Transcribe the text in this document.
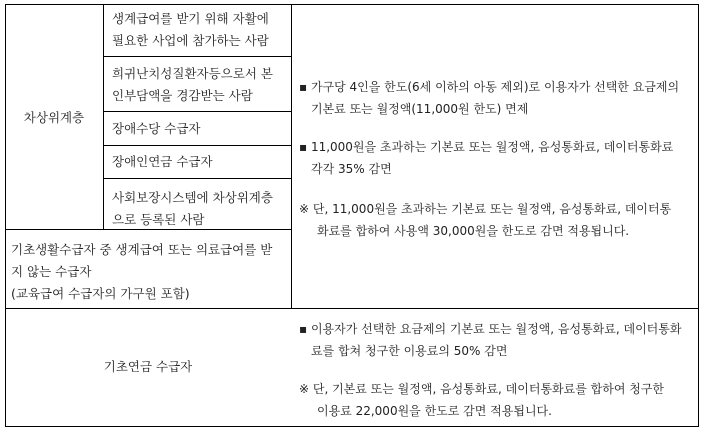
차상위계층
생계급여를 받기 위해 자활에
필요한 사업에 참가하는 사람
희귀난치성질환자등으로서 본
인부담액을 경감받는 사람
장애수당 수급자
장애인연금 수급자
사회보장시스템에 차상위계층
으로 등록된 사람
기초생활수급자 중 생계급여 또는 의료급여를 받
지 않는 수급자
(교육급여 수급자의 가구원 포함)
▪ 가구당 4인을 한도(6세 이하의 아동 제외)로 이용자가 선택한 요금제의
기본료 또는 월정액(11,000원 한도) 면제
▪ 11,000원을 초과하는 기본료 또는 월정액, 음성통화료, 데이터통화료
각각 35% 감면
※ 단, 11,000원을 초과하는 기본료 또는 월정액, 음성통화료, 데이터통
화료를 합하여 사용액 30,000원을 한도로 감면 적용됩니다.
기초연금 수급자
▪ 이용자가 선택한 요금제의 기본료 또는 월정액, 음성통화료, 데이터통화
료를 합쳐 청구한 이용료의 50% 감면
※ 단, 기본료 또는 월정액, 음성통화료, 데이터통화료를 합하여 청구한
이용료 22,000원을 한도로 감면 적용됩니다.
